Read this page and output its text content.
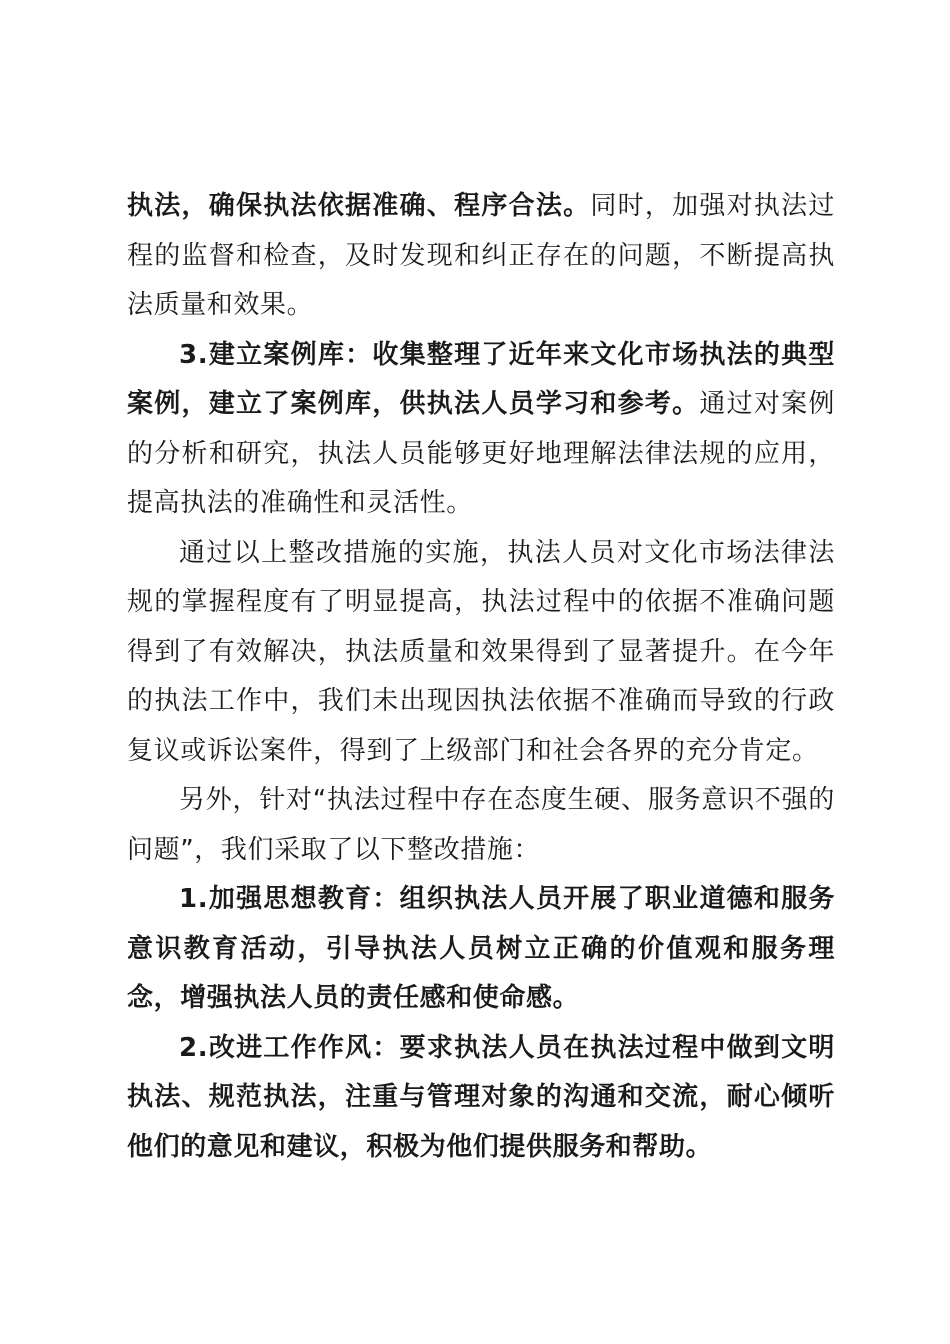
执法，确保执法依据准确、程序合法。同时，加强对执法过程的监督和检查，及时发现和纠正存在的问题，不断提高执法质量和效果。

3.建立案例库：收集整理了近年来文化市场执法的典型案例，建立了案例库，供执法人员学习和参考。通过对案例的分析和研究，执法人员能够更好地理解法律法规的应用，提高执法的准确性和灵活性。

通过以上整改措施的实施，执法人员对文化市场法律法规的掌握程度有了明显提高，执法过程中的依据不准确问题得到了有效解决，执法质量和效果得到了显著提升。在今年的执法工作中，我们未出现因执法依据不准确而导致的行政复议或诉讼案件，得到了上级部门和社会各界的充分肯定。

另外，针对“执法过程中存在态度生硬、服务意识不强的问题”，我们采取了以下整改措施：

1.加强思想教育：组织执法人员开展了职业道德和服务意识教育活动，引导执法人员树立正确的价值观和服务理念，增强执法人员的责任感和使命感。

2.改进工作作风：要求执法人员在执法过程中做到文明执法、规范执法，注重与管理对象的沟通和交流，耐心倾听他们的意见和建议，积极为他们提供服务和帮助。
